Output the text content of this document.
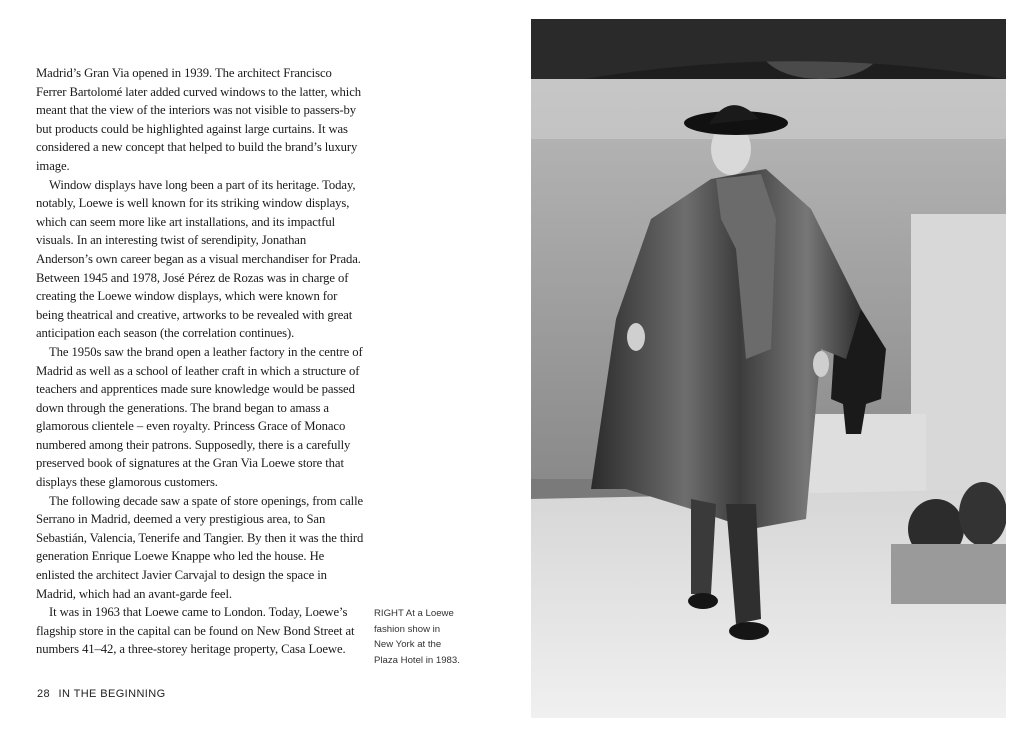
Madrid’s Gran Via opened in 1939. The architect Francisco Ferrer Bartolomé later added curved windows to the latter, which meant that the view of the interiors was not visible to passers-by but products could be highlighted against large curtains. It was considered a new concept that helped to build the brand’s luxury image.

Window displays have long been a part of its heritage. Today, notably, Loewe is well known for its striking window displays, which can seem more like art installations, and its impactful visuals. In an interesting twist of serendipity, Jonathan Anderson’s own career began as a visual merchandiser for Prada. Between 1945 and 1978, José Pérez de Rozas was in charge of creating the Loewe window displays, which were known for being theatrical and creative, artworks to be revealed with great anticipation each season (the correlation continues).

The 1950s saw the brand open a leather factory in the centre of Madrid as well as a school of leather craft in which a structure of teachers and apprentices made sure knowledge would be passed down through the generations. The brand began to amass a glamorous clientele – even royalty. Princess Grace of Monaco numbered among their patrons. Supposedly, there is a carefully preserved book of signatures at the Gran Via Loewe store that displays these glamorous customers.

The following decade saw a spate of store openings, from calle Serrano in Madrid, deemed a very prestigious area, to San Sebastián, Valencia, Tenerife and Tangier. By then it was the third generation Enrique Loewe Knappe who led the house. He enlisted the architect Javier Carvajal to design the space in Madrid, which had an avant-garde feel.

It was in 1963 that Loewe came to London. Today, Loewe’s flagship store in the capital can be found on New Bond Street at numbers 41–42, a three-storey heritage property, Casa Loewe.

RIGHT At a Loewe
fashion show in
New York at the
Plaza Hotel in 1983.
28 IN THE BEGINNING
